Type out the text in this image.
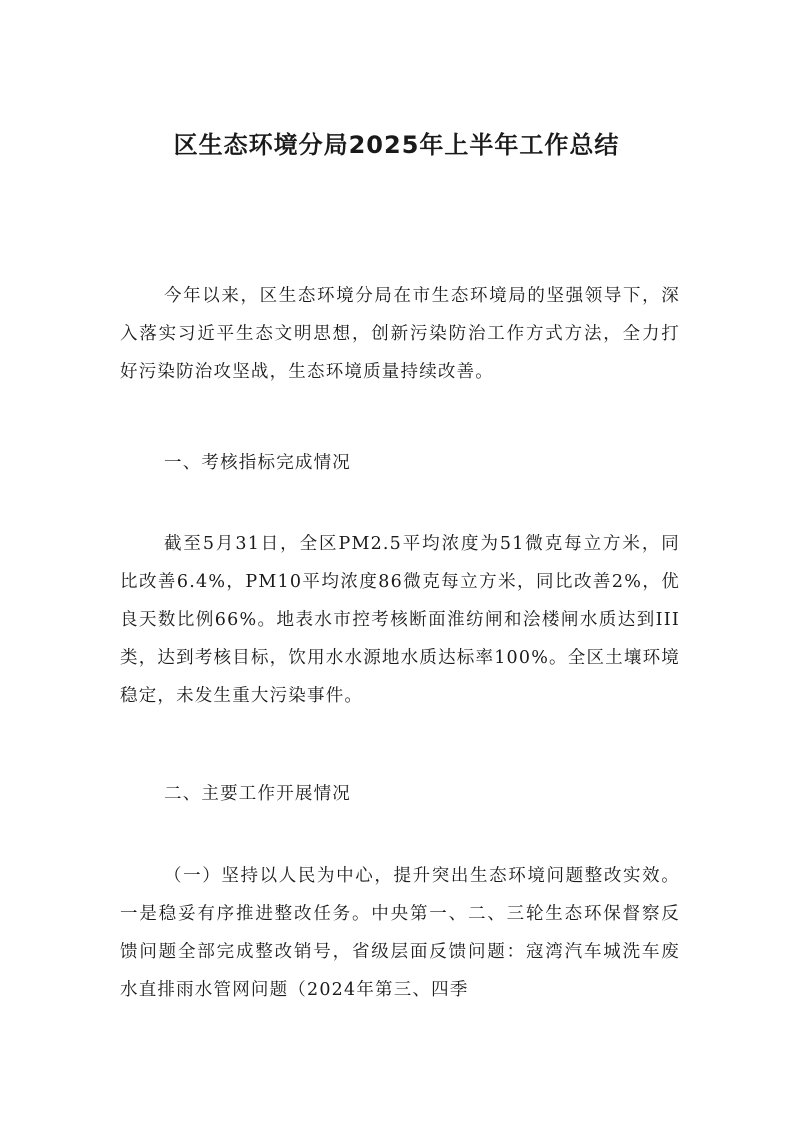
区生态环境分局2025年上半年工作总结

今年以来，区生态环境分局在市生态环境局的坚强领导下，深入落实习近平生态文明思想，创新污染防治工作方式方法，全力打好污染防治攻坚战，生态环境质量持续改善。

一、考核指标完成情况

截至5月31日，全区PM2.5平均浓度为51微克每立方米，同比改善6.4%，PM10平均浓度86微克每立方米，同比改善2%，优良天数比例66%。地表水市控考核断面淮纺闸和浍楼闸水质达到III类，达到考核目标，饮用水水源地水质达标率100%。全区土壤环境稳定，未发生重大污染事件。

二、主要工作开展情况

（一）坚持以人民为中心，提升突出生态环境问题整改实效。一是稳妥有序推进整改任务。中央第一、二、三轮生态环保督察反馈问题全部完成整改销号，省级层面反馈问题：寇湾汽车城洗车废水直排雨水管网问题（2024年第三、四季
